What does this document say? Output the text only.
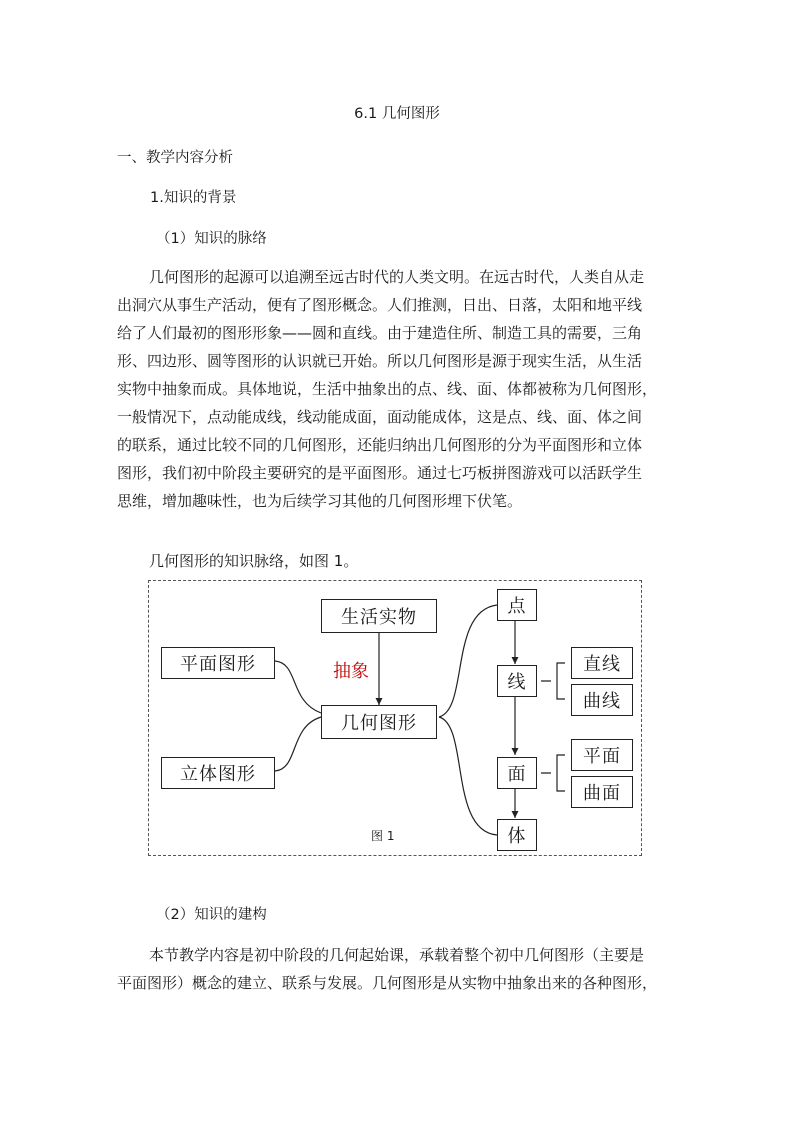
6.1 几何图形
一、教学内容分析
1.知识的背景
（1）知识的脉络
几何图形的起源可以追溯至远古时代的人类文明。在远古时代，人类自从走
出洞穴从事生产活动，便有了图形概念。人们推测，日出、日落，太阳和地平线
给了人们最初的图形形象——圆和直线。由于建造住所、制造工具的需要，三角
形、四边形、圆等图形的认识就已开始。所以几何图形是源于现实生活，从生活
实物中抽象而成。具体地说，生活中抽象出的点、线、面、体都被称为几何图形，
一般情况下，点动能成线，线动能成面，面动能成体，这是点、线、面、体之间
的联系，通过比较不同的几何图形，还能归纳出几何图形的分为平面图形和立体
图形，我们初中阶段主要研究的是平面图形。通过七巧板拼图游戏可以活跃学生
思维，增加趣味性，也为后续学习其他的几何图形埋下伏笔。
几何图形的知识脉络，如图 1。
生活实物
抽象
平面图形
立体图形
几何图形
点
线
面
体
直线
曲线
平面
曲面
图 1
（2）知识的建构
本节教学内容是初中阶段的几何起始课，承载着整个初中几何图形（主要是
平面图形）概念的建立、联系与发展。几何图形是从实物中抽象出来的各种图形，
